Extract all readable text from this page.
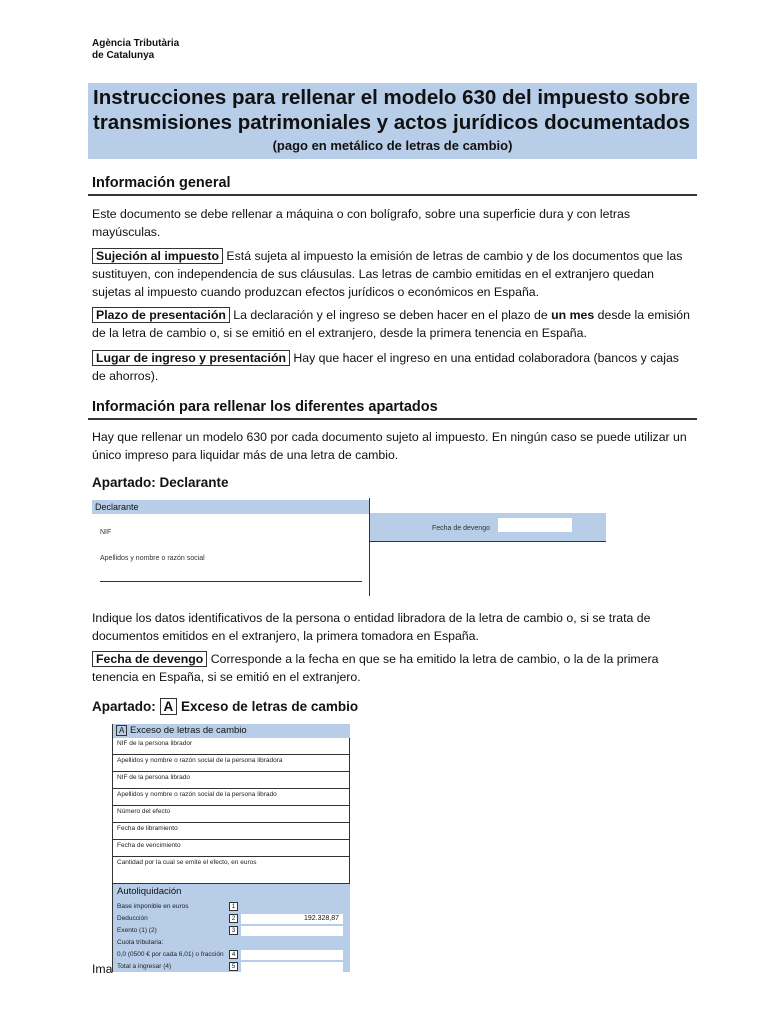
Agència Tributària
de Catalunya
Instrucciones para rellenar el modelo 630 del impuesto sobre
transmisiones patrimoniales y actos jurídicos documentados
(pago en metálico de letras de cambio)
Información general
Este documento se debe rellenar a máquina o con bolígrafo, sobre una superficie dura y con letras mayúsculas.
Sujeción al impuesto Está sujeta al impuesto la emisión de letras de cambio y de los documentos que las sustituyen, con independencia de sus cláusulas. Las letras de cambio emitidas en el extranjero quedan sujetas al impuesto cuando produzcan efectos jurídicos o económicos en España.
Plazo de presentación La declaración y el ingreso se deben hacer en el plazo de un mes desde la emisión de la letra de cambio o, si se emitió en el extranjero, desde la primera tenencia en España.
Lugar de ingreso y presentación Hay que hacer el ingreso en una entidad colaboradora (bancos y cajas de ahorros).
Información para rellenar los diferentes apartados
Hay que rellenar un modelo 630 por cada documento sujeto al impuesto. En ningún caso se puede utilizar un único impreso para liquidar más de una letra de cambio.
Apartado: Declarante
Declarante
Fecha de devengo
NIF
Apellidos y nombre o razón social
Indique los datos identificativos de la persona o entidad libradora de la letra de cambio o, si se trata de documentos emitidos en el extranjero, la primera tomadora en España.
Fecha de devengo Corresponde a la fecha en que se ha emitido la letra de cambio, o la de la primera tenencia en España, si se emitió en el extranjero.
Apartado: A Exceso de letras de cambio
A Exceso de letras de cambio
NIF de la persona librador
Apellidos y nombre o razón social de la persona libradora
NIF de la persona librado
Apellidos y nombre o razón social de la persona librado
Número del efecto
Fecha de libramiento
Fecha de vencimiento
Cantidad por la cual se emite el efecto, en euros
Autoliquidación
Base imponible en euros	1
Deducción	2	192.328,87
Exento (1) (2)	3
Cuota tributaria:
0,0 (0500 € por cada 6,01) o fracción	4
Total a ingresar (4)	5
Ima
